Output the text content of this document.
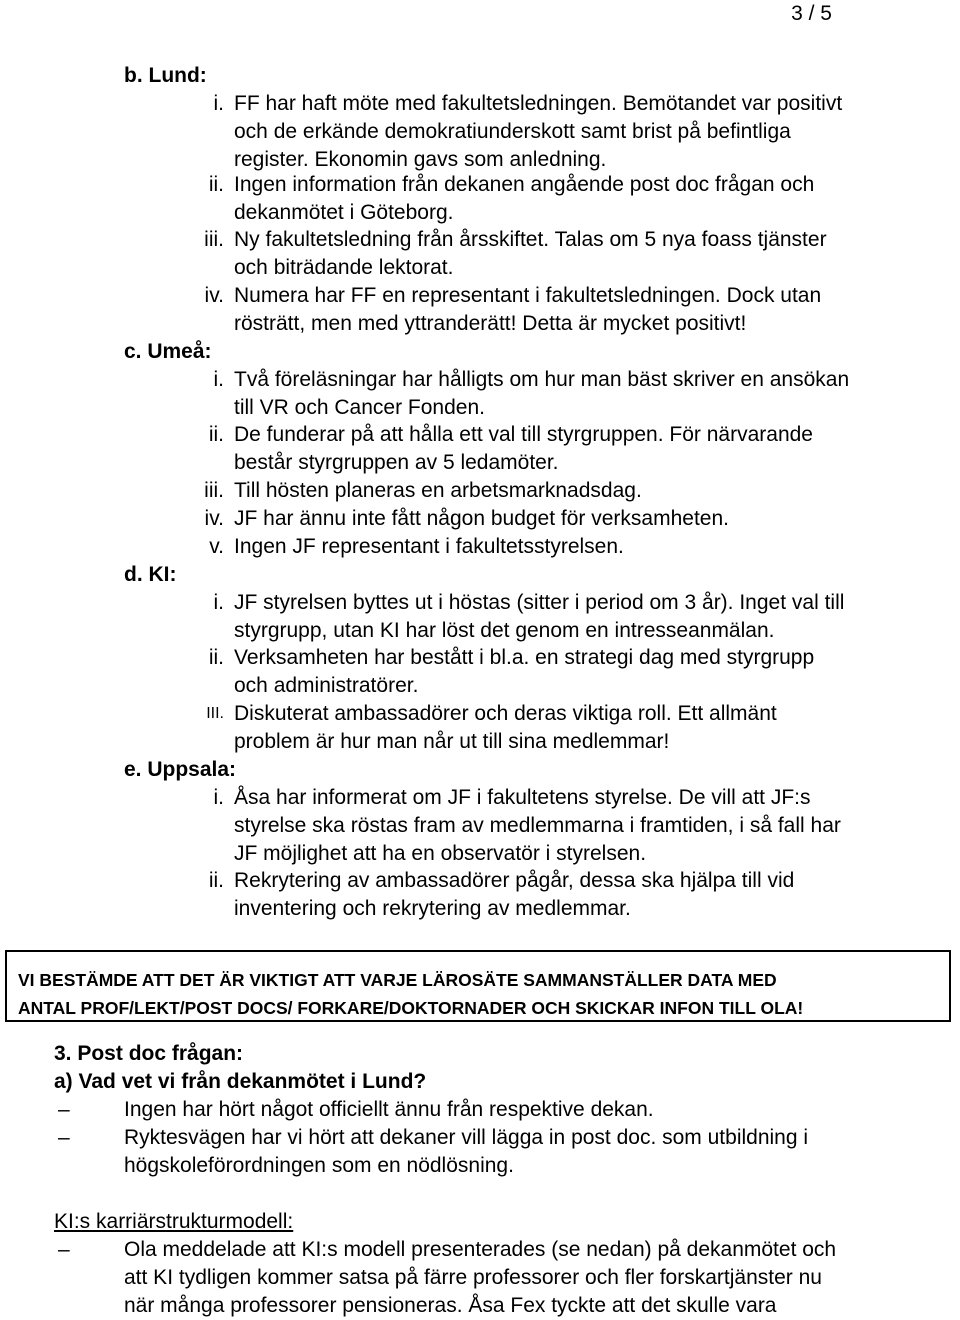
3 / 5
b. Lund:
i. FF har haft möte med fakultetsledningen. Bemötandet var positivt
och de erkände demokratiunderskott samt brist på befintliga
register. Ekonomin gavs som anledning.
ii. Ingen information från dekanen angående post doc frågan och
dekanmötet i Göteborg.
iii. Ny fakultetsledning från årsskiftet. Talas om 5 nya foass tjänster
och biträdande lektorat.
iv. Numera har FF en representant i fakultetsledningen. Dock utan
rösträtt, men med yttranderätt! Detta är mycket positivt!
c. Umeå:
i. Två föreläsningar har hålligts om hur man bäst skriver en ansökan
till VR och Cancer Fonden.
ii. De funderar på att hålla ett val till styrgruppen. För närvarande
består styrgruppen av 5 ledamöter.
iii. Till hösten planeras en arbetsmarknadsdag.
iv. JF har ännu inte fått någon budget för verksamheten.
v. Ingen JF representant i fakultetsstyrelsen.
d. KI:
i. JF styrelsen byttes ut i höstas (sitter i period om 3 år). Inget val till
styrgrupp, utan KI har löst det genom en intresseanmälan.
ii. Verksamheten har bestått i bl.a. en strategi dag med styrgrupp
och administratörer.
III. Diskuterat ambassadörer och deras viktiga roll. Ett allmänt
problem är hur man når ut till sina medlemmar!
e. Uppsala:
i. Åsa har informerat om JF i fakultetens styrelse. De vill att JF:s
styrelse ska röstas fram av medlemmarna i framtiden, i så fall har
JF möjlighet att ha en observatör i styrelsen.
ii. Rekrytering av ambassadörer pågår, dessa ska hjälpa till vid
inventering och rekrytering av medlemmar.
VI BESTÄMDE ATT DET ÄR VIKTIGT ATT VARJE LÄROSÄTE SAMMANSTÄLLER DATA MED
ANTAL PROF/LEKT/POST DOCS/ FORKARE/DOKTORNADER OCH SKICKAR INFON TILL OLA!
3. Post doc frågan:
a) Vad vet vi från dekanmötet i Lund?
–	Ingen har hört något officiellt ännu från respektive dekan.
–	Ryktesvägen har vi hört att dekaner vill lägga in post doc. som utbildning i
högskoleförordningen som en nödlösning.
KI:s karriärstrukturmodell:
–	Ola meddelade att KI:s modell presenterades (se nedan) på dekanmötet och
att KI tydligen kommer satsa på färre professorer och fler forskartjänster nu
när många professorer pensioneras. Åsa Fex tyckte att det skulle vara
